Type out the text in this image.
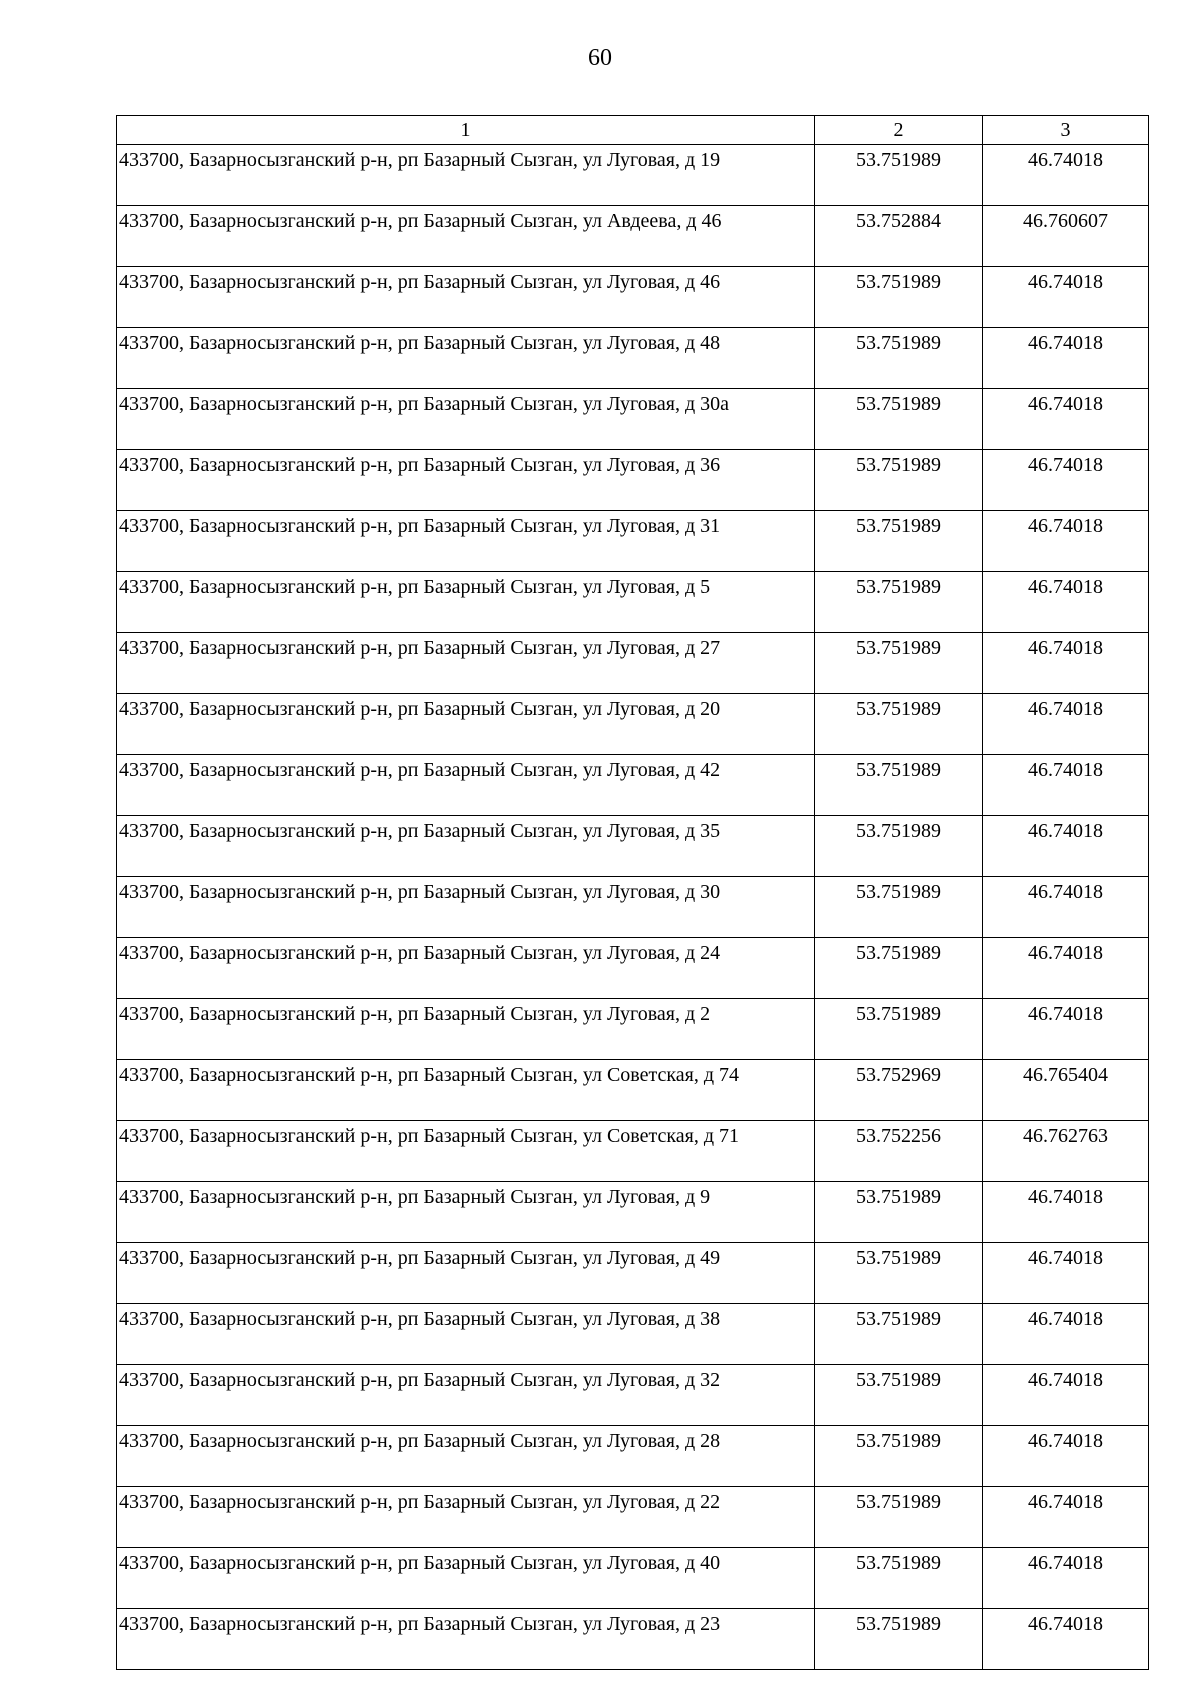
60
1	2	3
433700, Базарносызганский р-н, рп Базарный Сызган, ул Луговая, д 19	53.751989	46.74018
433700, Базарносызганский р-н, рп Базарный Сызган, ул Авдеева, д 46	53.752884	46.760607
433700, Базарносызганский р-н, рп Базарный Сызган, ул Луговая, д 46	53.751989	46.74018
433700, Базарносызганский р-н, рп Базарный Сызган, ул Луговая, д 48	53.751989	46.74018
433700, Базарносызганский р-н, рп Базарный Сызган, ул Луговая, д 30а	53.751989	46.74018
433700, Базарносызганский р-н, рп Базарный Сызган, ул Луговая, д 36	53.751989	46.74018
433700, Базарносызганский р-н, рп Базарный Сызган, ул Луговая, д 31	53.751989	46.74018
433700, Базарносызганский р-н, рп Базарный Сызган, ул Луговая, д 5	53.751989	46.74018
433700, Базарносызганский р-н, рп Базарный Сызган, ул Луговая, д 27	53.751989	46.74018
433700, Базарносызганский р-н, рп Базарный Сызган, ул Луговая, д 20	53.751989	46.74018
433700, Базарносызганский р-н, рп Базарный Сызган, ул Луговая, д 42	53.751989	46.74018
433700, Базарносызганский р-н, рп Базарный Сызган, ул Луговая, д 35	53.751989	46.74018
433700, Базарносызганский р-н, рп Базарный Сызган, ул Луговая, д 30	53.751989	46.74018
433700, Базарносызганский р-н, рп Базарный Сызган, ул Луговая, д 24	53.751989	46.74018
433700, Базарносызганский р-н, рп Базарный Сызган, ул Луговая, д 2	53.751989	46.74018
433700, Базарносызганский р-н, рп Базарный Сызган, ул Советская, д 74	53.752969	46.765404
433700, Базарносызганский р-н, рп Базарный Сызган, ул Советская, д 71	53.752256	46.762763
433700, Базарносызганский р-н, рп Базарный Сызган, ул Луговая, д 9	53.751989	46.74018
433700, Базарносызганский р-н, рп Базарный Сызган, ул Луговая, д 49	53.751989	46.74018
433700, Базарносызганский р-н, рп Базарный Сызган, ул Луговая, д 38	53.751989	46.74018
433700, Базарносызганский р-н, рп Базарный Сызган, ул Луговая, д 32	53.751989	46.74018
433700, Базарносызганский р-н, рп Базарный Сызган, ул Луговая, д 28	53.751989	46.74018
433700, Базарносызганский р-н, рп Базарный Сызган, ул Луговая, д 22	53.751989	46.74018
433700, Базарносызганский р-н, рп Базарный Сызган, ул Луговая, д 40	53.751989	46.74018
433700, Базарносызганский р-н, рп Базарный Сызган, ул Луговая, д 23	53.751989	46.74018
